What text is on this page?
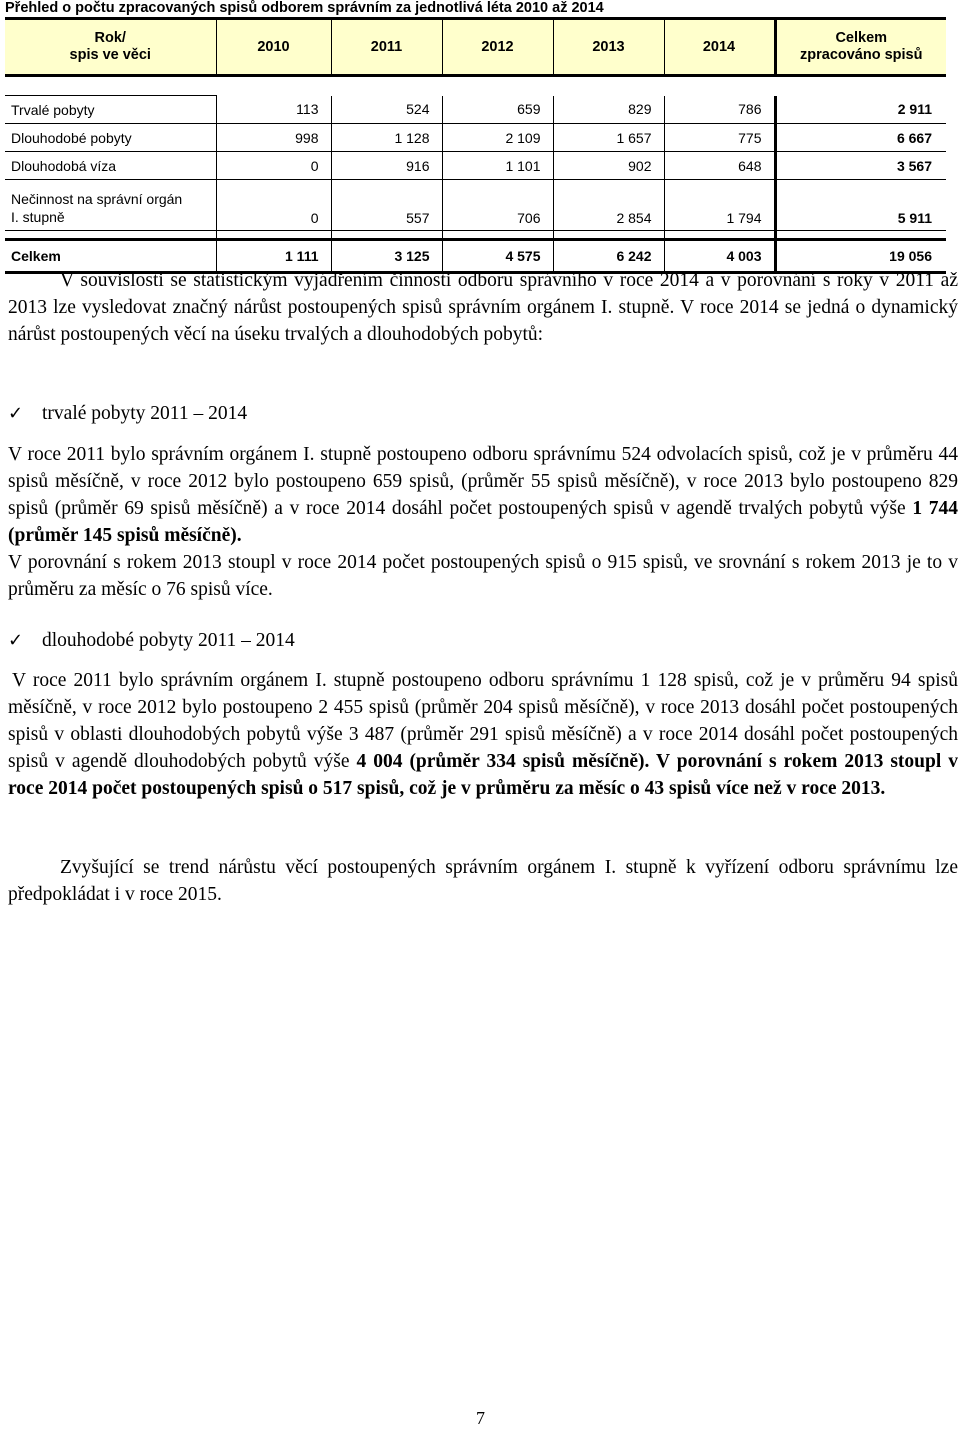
Přehled o počtu zpracovaných spisů odborem správním za jednotlivá léta 2010 až 2014
Rok/
spis ve věci	2010	2011	2012	2013	2014	Celkem
zpracováno spisů

Trvalé pobyty	113	524	659	829	786	2 911
Dlouhodobé pobyty	998	1 128	2 109	1 657	775	6 667
Dlouhodobá víza	0	916	1 101	902	648	3 567
Nečinnost na správní orgán
I. stupně	0	557	706	2 854	1 794	5 911

Celkem	1 111	3 125	4 575	6 242	4 003	19 056

V souvislosti se statistickým vyjádřením činnosti odboru správního v roce 2014 a v porovnání s roky v 2011 až 2013 lze vysledovat značný nárůst postoupených spisů správním orgánem I. stupně. V roce 2014 se jedná o dynamický nárůst postoupených věcí na úseku trvalých a dlouhodobých pobytů:

✓ trvalé pobyty 2011 – 2014

V roce 2011 bylo správním orgánem I. stupně postoupeno odboru správnímu 524 odvolacích spisů, což je v průměru 44 spisů měsíčně, v roce 2012 bylo postoupeno 659 spisů, (průměr 55 spisů měsíčně), v roce 2013 bylo postoupeno 829 spisů (průměr 69 spisů měsíčně) a v roce 2014 dosáhl počet postoupených spisů v agendě trvalých pobytů výše 1 744 (průměr 145 spisů měsíčně).

V porovnání s rokem 2013 stoupl v roce 2014 počet postoupených spisů o 915 spisů, ve srovnání s rokem 2013 je to v průměru za měsíc o 76 spisů více.

✓ dlouhodobé pobyty 2011 – 2014

V roce 2011 bylo správním orgánem I. stupně postoupeno odboru správnímu 1 128 spisů, což je v průměru 94 spisů měsíčně, v roce 2012 bylo postoupeno 2 455 spisů (průměr 204 spisů měsíčně), v roce 2013 dosáhl počet postoupených spisů v oblasti dlouhodobých pobytů výše 3 487 (průměr 291 spisů měsíčně) a v roce 2014 dosáhl počet postoupených spisů v agendě dlouhodobých pobytů výše 4 004 (průměr 334 spisů měsíčně). V porovnání s rokem 2013 stoupl v roce 2014 počet postoupených spisů o 517 spisů, což je v průměru za měsíc o 43 spisů více než v roce 2013.

Zvyšující se trend nárůstu věcí postoupených správním orgánem I. stupně k vyřízení odboru správnímu lze předpokládat i v roce 2015.

7
